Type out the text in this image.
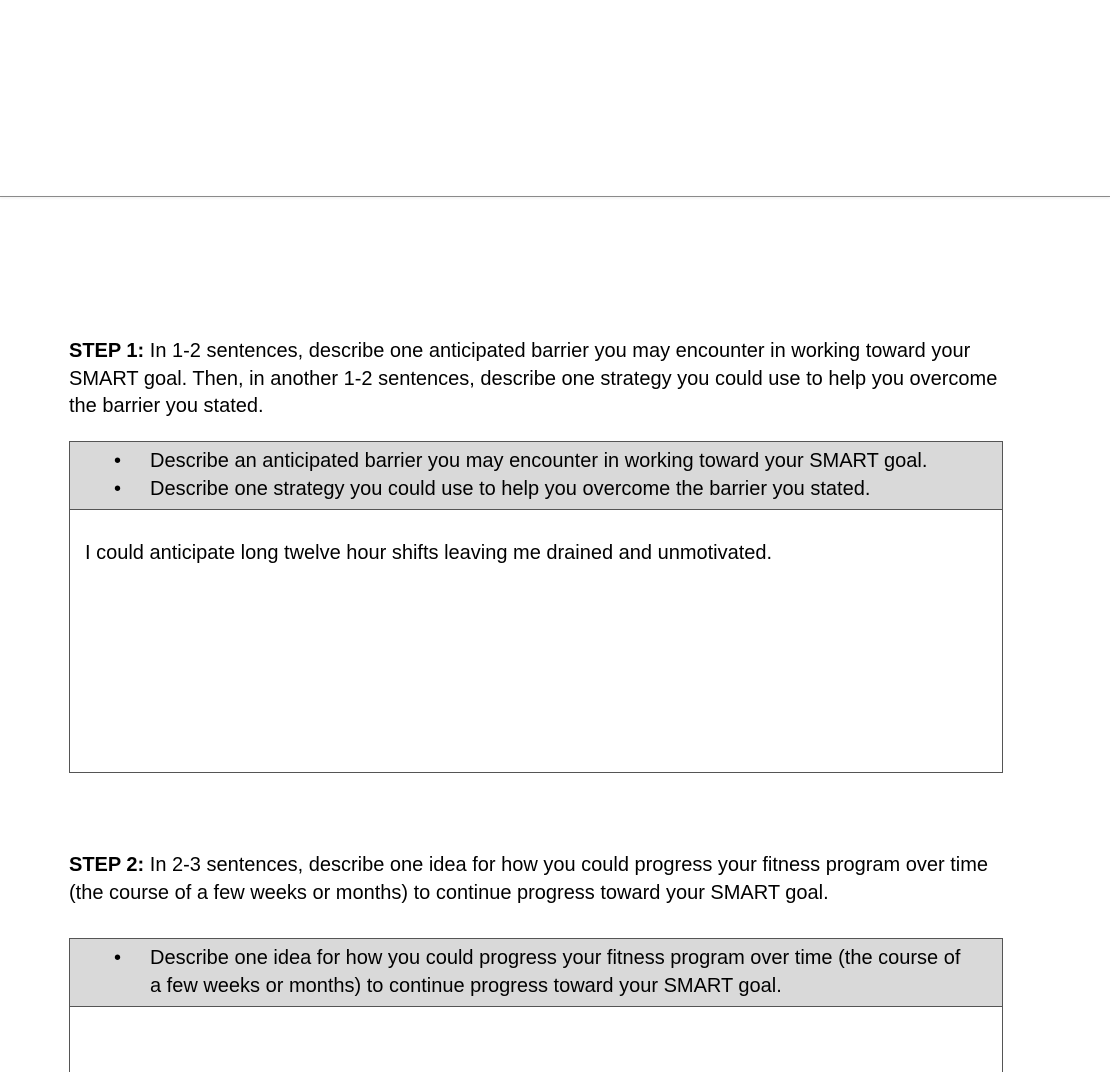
STEP 1: In 1-2 sentences, describe one anticipated barrier you may encounter in working toward your SMART goal. Then, in another 1-2 sentences, describe one strategy you could use to help you overcome the barrier you stated.
• Describe an anticipated barrier you may encounter in working toward your SMART goal.
• Describe one strategy you could use to help you overcome the barrier you stated.
I could anticipate long twelve hour shifts leaving me drained and unmotivated.
STEP 2: In 2-3 sentences, describe one idea for how you could progress your fitness program over time (the course of a few weeks or months) to continue progress toward your SMART goal.
• Describe one idea for how you could progress your fitness program over time (the course of a few weeks or months) to continue progress toward your SMART goal.
